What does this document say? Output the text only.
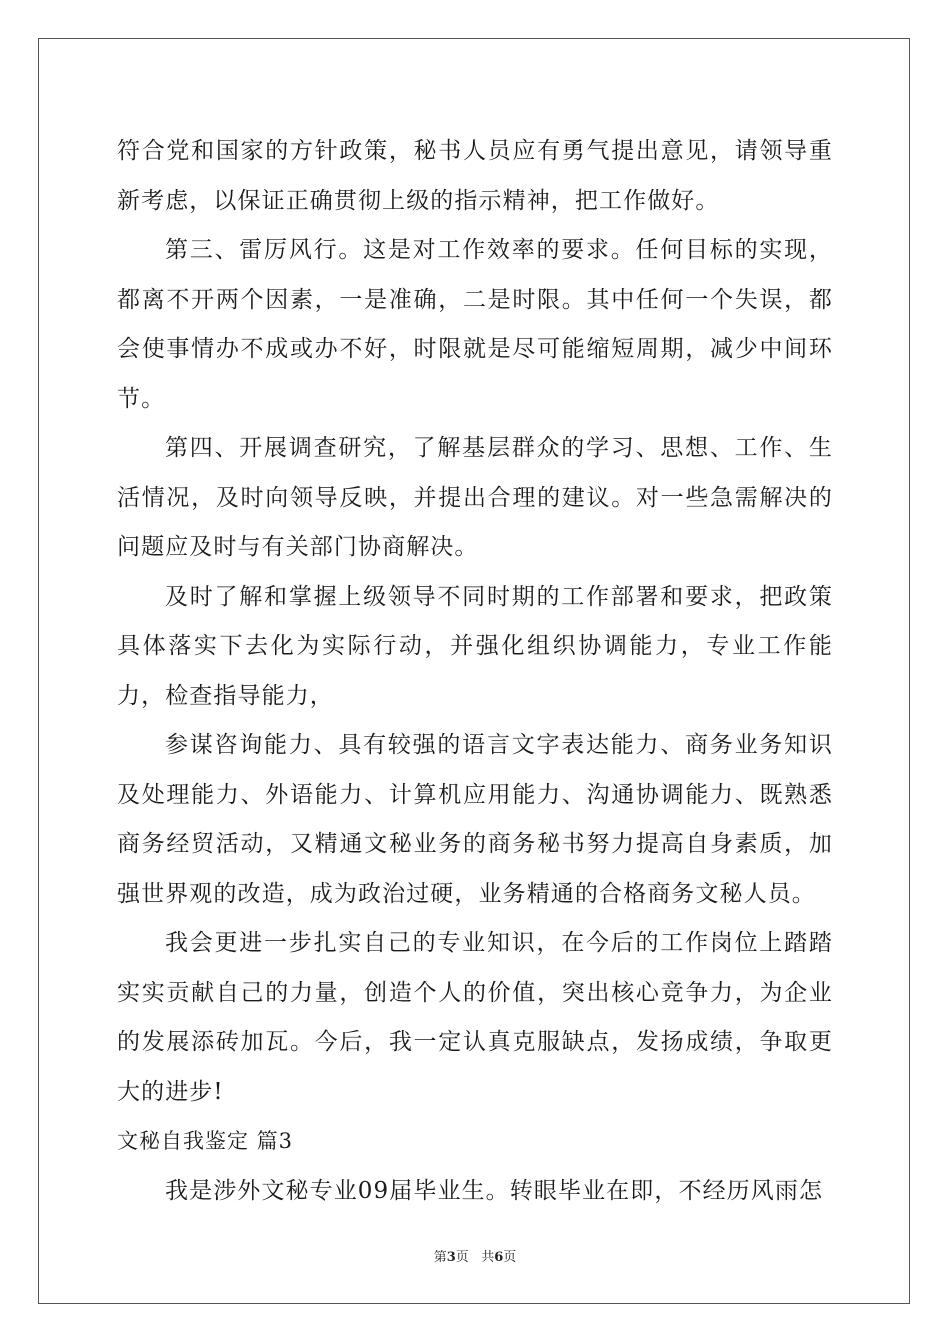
符合党和国家的方针政策，秘书人员应有勇气提出意见，请领导重新考虑，以保证正确贯彻上级的指示精神，把工作做好。

第三、雷厉风行。这是对工作效率的要求。任何目标的实现，都离不开两个因素，一是准确，二是时限。其中任何一个失误，都会使事情办不成或办不好，时限就是尽可能缩短周期，减少中间环节。

第四、开展调查研究，了解基层群众的学习、思想、工作、生活情况，及时向领导反映，并提出合理的建议。对一些急需解决的问题应及时与有关部门协商解决。

及时了解和掌握上级领导不同时期的工作部署和要求，把政策具体落实下去化为实际行动，并强化组织协调能力，专业工作能力，检查指导能力，

参谋咨询能力、具有较强的语言文字表达能力、商务业务知识及处理能力、外语能力、计算机应用能力、沟通协调能力、既熟悉商务经贸活动，又精通文秘业务的商务秘书努力提高自身素质，加强世界观的改造，成为政治过硬，业务精通的合格商务文秘人员。

我会更进一步扎实自己的专业知识，在今后的工作岗位上踏踏实实贡献自己的力量，创造个人的价值，突出核心竞争力，为企业的发展添砖加瓦。今后，我一定认真克服缺点，发扬成绩，争取更大的进步!

文秘自我鉴定 篇3

我是涉外文秘专业09届毕业生。转眼毕业在即，不经历风雨怎

第3页 共6页
